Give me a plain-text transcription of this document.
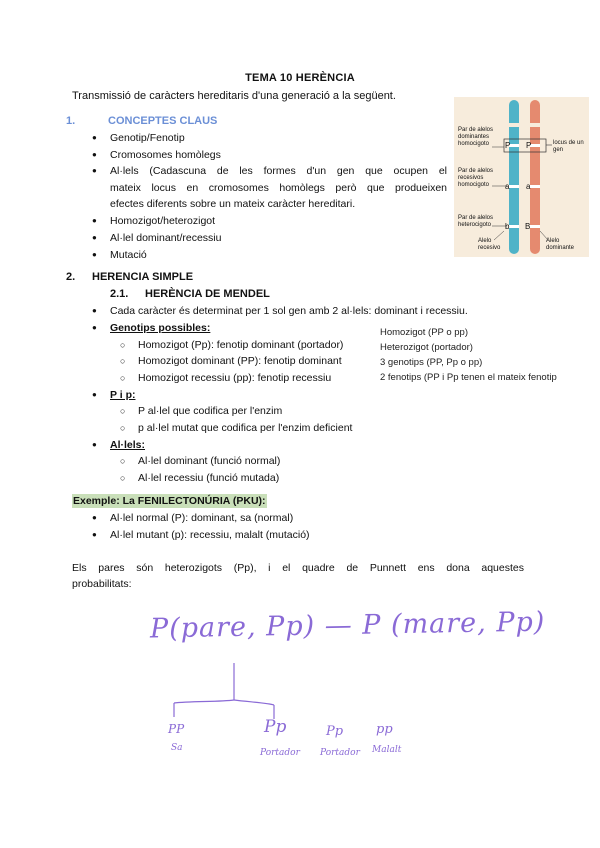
TEMA 10 HERÈNCIA
Transmissió de caràcters hereditaris d'una generació a la següent.
1.	CONCEPTES CLAUS
● Genotip/Fenotip
● Cromosomes homòlegs
● Al·lels (Cadascuna de les formes d'un gen que ocupen el
mateix locus en cromosomes homòlegs però que produeixen
efectes diferents sobre un mateix caràcter hereditari.
● Homozigot/heterozigot
● Al·lel dominant/recessiu
● Mutació
P P
a a
b B
Par de alelos dominantes homocigoto
Par de alelos recesivos homocigoto
Par de alelos heterocigoto
locus de un gen
Alelo recesivo
Alelo dominante
2. HERENCIA SIMPLE
2.1. HERÈNCIA DE MENDEL
● Cada caràcter és determinat per 1 sol gen amb 2 al·lels: dominant i recessiu.
● Genotips possibles:
○ Homozigot (Pp): fenotip dominant (portador)
○ Homozigot dominant (PP): fenotip dominant
○ Homozigot recessiu (pp): fenotip recessiu
Homozigot (PP o pp)
Heterozigot (portador)
3 genotips (PP, Pp o pp)
2 fenotips (PP i Pp tenen el mateix fenotip
● P i p:
○ P al·lel que codifica per l'enzim
○ p al·lel mutat que codifica per l'enzim deficient
● Al·lels:
○ Al·lel dominant (funció normal)
○ Al·lel recessiu (funció mutada)
Exemple: La FENILECTONÚRIA (PKU):
● Al·lel normal (P): dominant, sa (normal)
● Al·lel mutant (p): recessiu, malalt (mutació)
Els pares són heterozigots (Pp), i el quadre de Punnett ens dona aquestes
probabilitats:
P(pare, Pp) — P (mare, Pp)
PP
Sa
Pp
Portador
Pp
Portador
pp
Malalt
